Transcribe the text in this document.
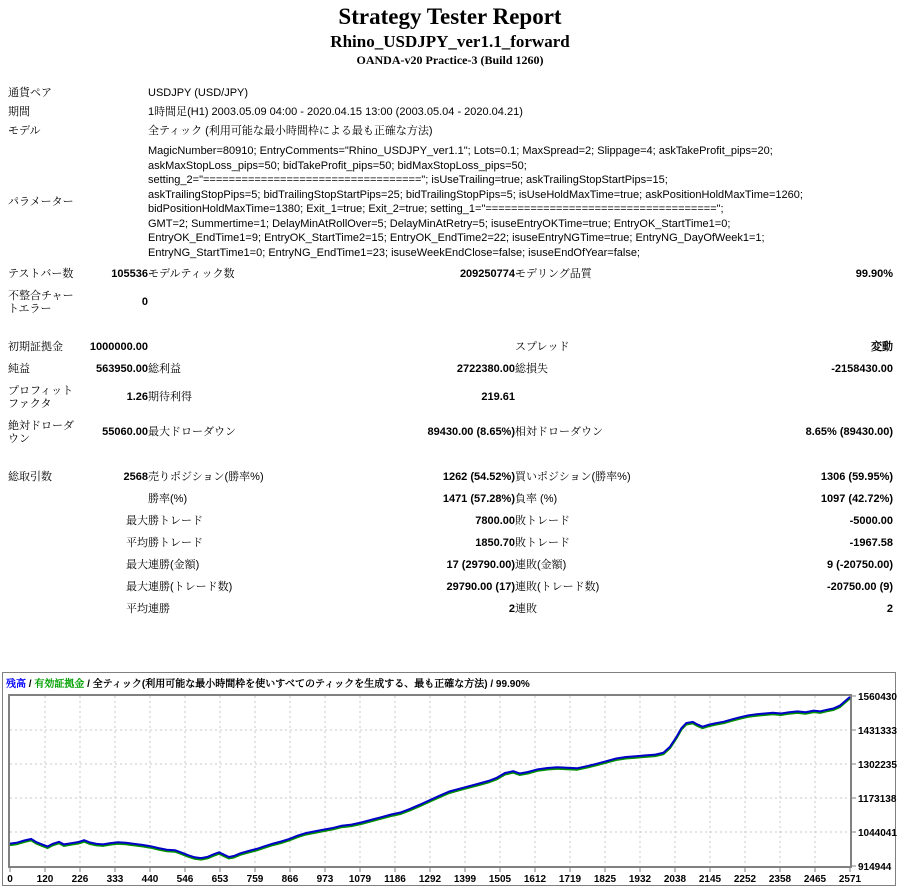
Strategy Tester Report
Rhino_USDJPY_ver1.1_forward
OANDA-v20 Practice-3 (Build 1260)
通貨ペア		USDJPY (USD/JPY)			
期間		1時間足(H1) 2003.05.09 04:00 - 2020.04.15 13:00 (2003.05.04 - 2020.04.21)			
モデル		全ティック (利用可能な最小時間枠による最も正確な方法)			
パラメーター	
MagicNumber=80910; EntryComments="Rhino_USDJPY_ver1.1"; Lots=0.1; MaxSpread=2; Slippage=4; askTakeProfit_pips=20;
askMaxStopLoss_pips=50; bidTakeProfit_pips=50; bidMaxStopLoss_pips=50;
setting_2="=================================="; isUseTrailing=true; askTrailingStopStartPips=15;
askTrailingStopPips=5; bidTrailingStopStartPips=25; bidTrailingStopPips=5; isUseHoldMaxTime=true; askPositionHoldMaxTime=1260;
bidPositionHoldMaxTime=1380; Exit_1=true; Exit_2=true; setting_1="====================================";
GMT=2; Summertime=1; DelayMinAtRollOver=5; DelayMinAtRetry=5; isuseEntryOKTime=true; EntryOK_StartTime1=0;
EntryOK_EndTime1=9; EntryOK_StartTime2=15; EntryOK_EndTime2=22; isuseEntryNGTime=true; EntryNG_DayOfWeek1=1;
EntryNG_StartTime1=0; EntryNG_EndTime1=23; isuseWeekEndClose=false; isuseEndOfYear=false;

テストバー数	105536	モデルティック数	209250774	モデリング品質	99.90%
不整合チャートエラー	0				

初期証拠金	1000000.00			スプレッド	変動
純益	563950.00	総利益	2722380.00	総損失	-2158430.00
プロフィットファクタ	1.26	期待利得	219.61		
絶対ドローダウン	55060.00	最大ドローダウン	89430.00 (8.65%)	相対ドローダウン	8.65% (89430.00)

総取引数	2568	売りポジション(勝率%)	1262 (54.52%)	買いポジション(勝率%)	1306 (59.95%)
		勝率(%)	1471 (57.28%)	負率 (%)	1097 (42.72%)
	最大	勝トレード	7800.00	敗トレード	-5000.00
	平均	勝トレード	1850.70	敗トレード	-1967.58
	最大	連勝(金額)	17 (29790.00)	連敗(金額)	9 (-20750.00)
	最大	連勝(トレード数)	29790.00 (17)	連敗(トレード数)	-20750.00 (9)
	平均	連勝	2	連敗	2
残高 / 有効証拠金 / 全ティック(利用可能な最小時間枠を使いすべてのティックを生成する、最も正確な方法) / 99.90%
0 120 226 333 440 546 653 759 866 973 1079 1186 1292 1399 1505 1612 1719 1825 1932 2038 2145 2252 2358 2465 2571
1560430
1431333
1302235
1173138
1044041
914944
